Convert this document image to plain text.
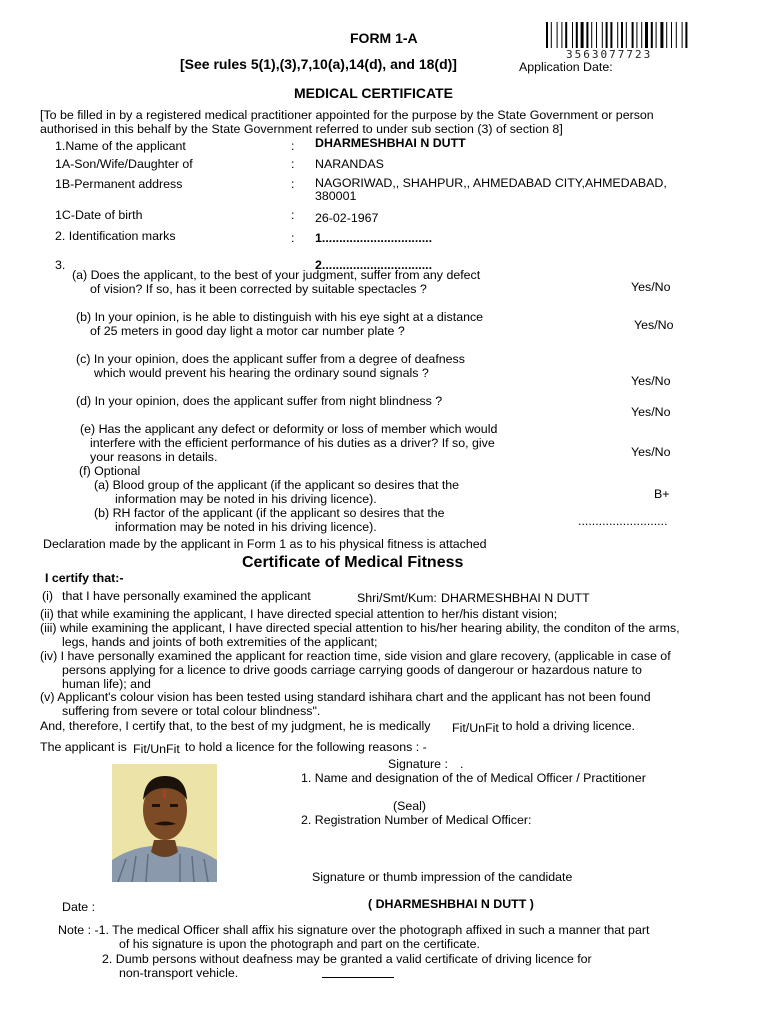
FORM 1-A
[See rules 5(1),(3),7,10(a),14(d), and 18(d)]
3563077723
Application Date:
MEDICAL CERTIFICATE
[To be filled in by a registered medical practitioner appointed for the purpose by the State Government or person
authorised in this behalf by the State Government referred to under sub section (3) of section 8]
1.Name of the applicant	: DHARMESHBHAI N DUTT
1A-Son/Wife/Daughter of	: NARANDAS
1B-Permanent address	: NAGORIWAD,, SHAHPUR,, AHMEDABAD CITY,AHMEDABAD,
380001
1C-Date of birth	: 26-02-1967
2. Identification marks	: 1................................
3.	2................................
(a) Does the applicant, to the best of your judgment, suffer from any defect
of vision? If so, has it been corrected by suitable spectacles ?	Yes/No
(b) In your opinion, is he able to distinguish with his eye sight at a distance
of 25 meters in good day light a motor car number plate ?	Yes/No
(c) In your opinion, does the applicant suffer from a degree of deafness
which would prevent his hearing the ordinary sound signals ?
Yes/No
(d) In your opinion, does the applicant suffer from night blindness ?
Yes/No
(e) Has the applicant any defect or deformity or loss of member which would
interfere with the efficient performance of his duties as a driver? If so, give
your reasons in details.	Yes/No
(f) Optional
(a) Blood group of the applicant (if the applicant so desires that the
information may be noted in his driving licence).	B+
(b) RH factor of the applicant (if the applicant so desires that the
information may be noted in his driving licence).	..........................
Declaration made by the applicant in Form 1 as to his physical fitness is attached
Certificate of Medical Fitness
I certify that:-
(i) that I have personally examined the applicant	Shri/Smt/Kum: DHARMESHBHAI N DUTT
(ii) that while examining the applicant, I have directed special attention to her/his distant vision;
(iii) while examining the applicant, I have directed special attention to his/her hearing ability, the conditon of the arms,
legs, hands and joints of both extremities of the applicant;
(iv) I have personally examined the applicant for reaction time, side vision and glare recovery, (applicable in case of
persons applying for a licence to drive goods carriage carrying goods of dangerour or hazardous nature to
human life); and
(v) Applicant's colour vision has been tested using standard ishihara chart and the applicant has not been found
suffering from severe or total colour blindness".
And, therefore, I certify that, to the best of my judgment, he is medically Fit/UnFit to hold a driving licence.
The applicant is Fit/UnFit to hold a licence for the following reasons : -
Signature : .
1. Name and designation of the of Medical Officer / Practitioner
(Seal)
2. Registration Number of Medical Officer:
Signature or thumb impression of the candidate
Date :	( DHARMESHBHAI N DUTT )
Note : -1. The medical Officer shall affix his signature over the photograph affixed in such a manner that part
of his signature is upon the photograph and part on the certificate.
2. Dumb persons without deafness may be granted a valid certificate of driving licence for
non-transport vehicle.
